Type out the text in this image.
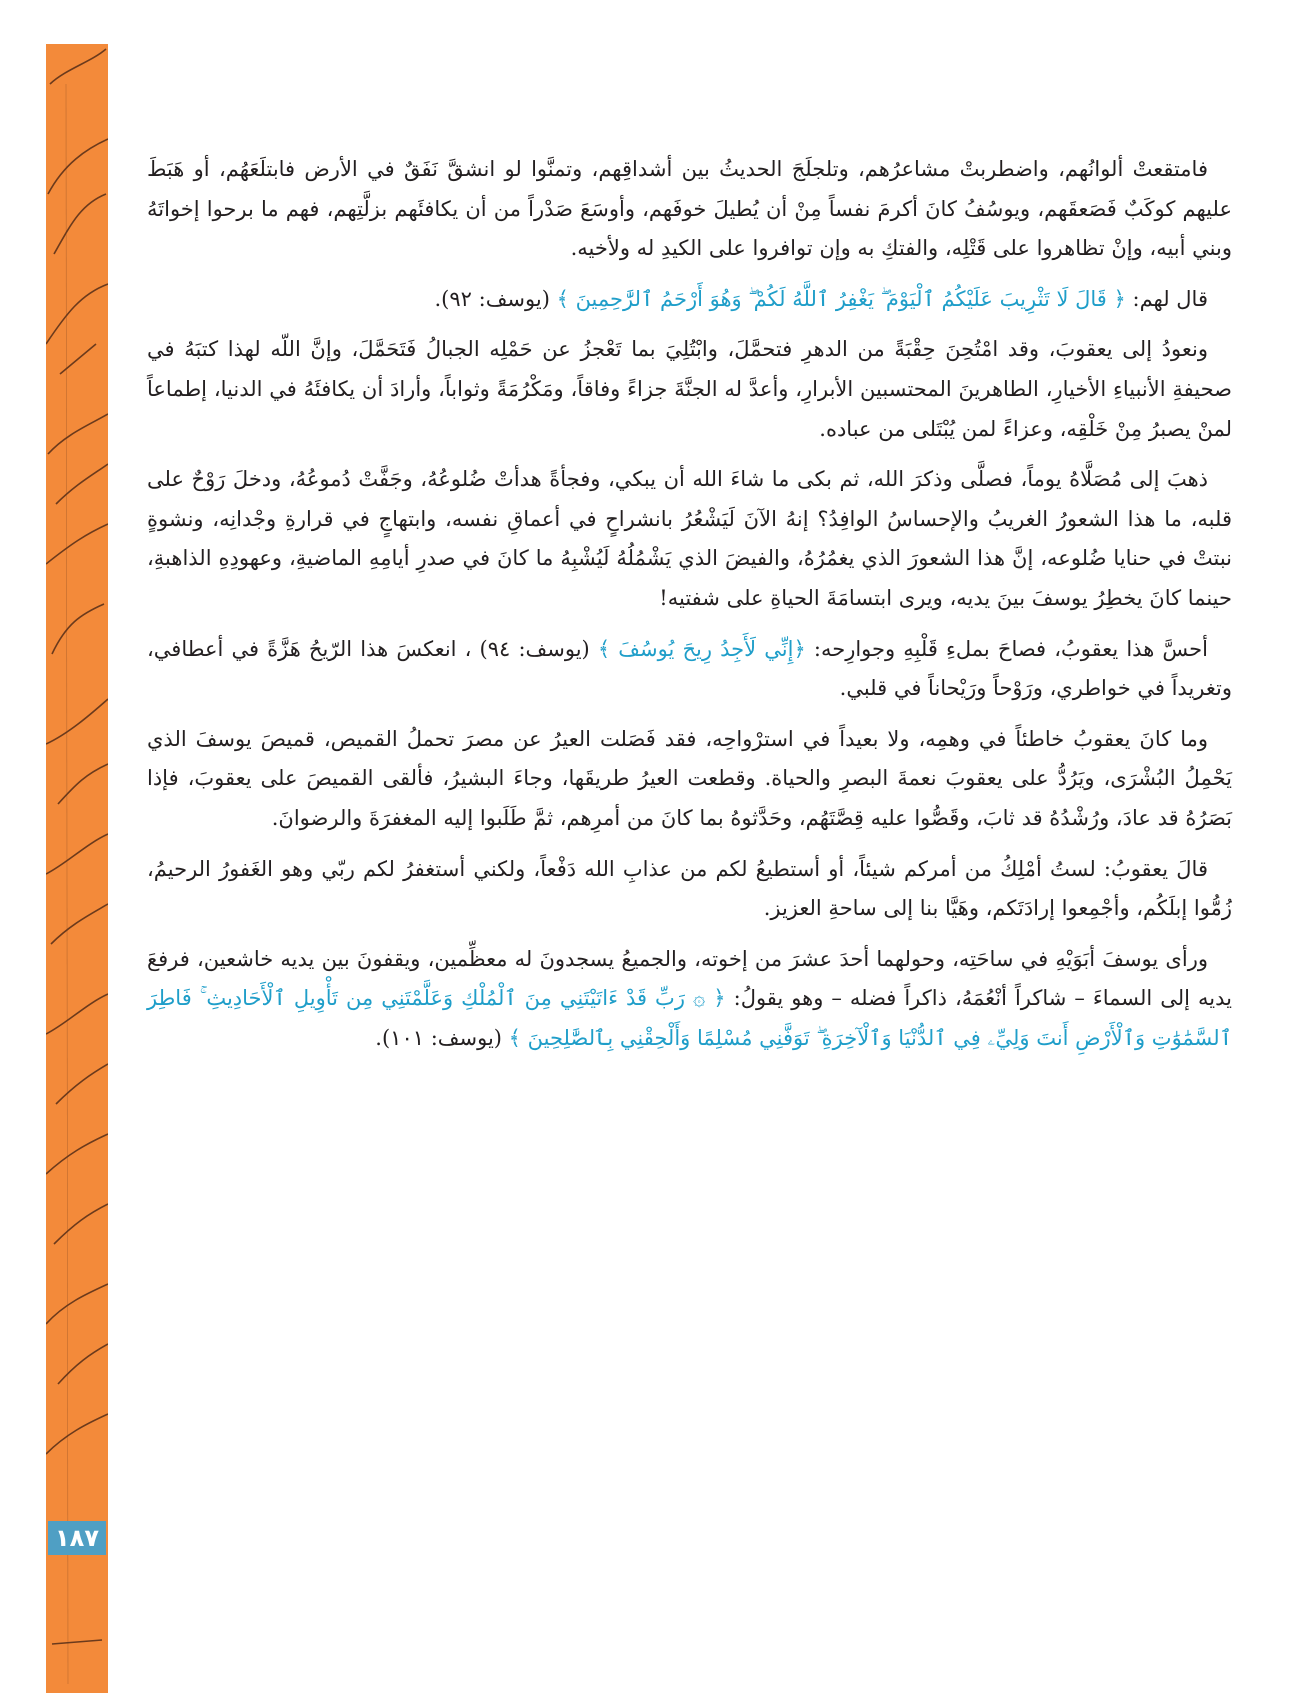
١٨٧

فامتقعتْ ألوانُهم، واضطربتْ مشاعرُهم، وتلجلَجَ الحديثُ بين أشداقِهم، وتمنَّوا لو انشقَّ نَفَقٌ في الأرض فابتلَعَهُم، أو هَبَطَ عليهم كوكَبٌ فَصَعقَهم، ويوسُفُ كانَ أكرمَ نفساً مِنْ أن يُطيلَ خوفَهم، وأوسَعَ صَدْراً من أن يكافئَهم بزلَّتِهم، فهم ما برحوا إخواتَهُ وبني أبيه، وإنْ تظاهروا على قَتْلِه، والفتكِ به وإن توافروا على الكيدِ له ولأخيه.

قال لهم: ﴿ قَالَ لَا تَثْرِيبَ عَلَيْكُمُ ٱلْيَوْمَ ۖ يَغْفِرُ ٱللَّهُ لَكُمْ ۖ وَهُوَ أَرْحَمُ ٱلرَّٰحِمِينَ ﴾ (يوسف: ٩٢).

ونعودُ إلى يعقوبَ، وقد امْتُحِنَ حِقْبَةً من الدهرِ فتحمَّلَ، وابْتُلِيَ بما تَعْجزُ عن حَمْلِه الجبالُ فَتَحَمَّلَ، وإنَّ اللّه لهذا كتبَهُ في صحيفةِ الأنبياءِ الأخيارِ، الطاهرينَ المحتسبين الأبرارِ، وأعدَّ له الجنَّةَ جزاءً وفاقاً، ومَكْرُمَةً وثواباً، وأرادَ أن يكافئَهُ في الدنيا، إطماعاً لمنْ يصبرُ مِنْ خَلْقِه، وعزاءً لمن يُبْتَلى من عباده.

ذهبَ إلى مُصَلَّاهُ يوماً، فصلَّى وذكرَ الله، ثم بكى ما شاءَ الله أن يبكي، وفجأةً هدأتْ ضُلوعُهُ، وجَفَّتْ دُموعُهُ، ودخلَ رَوْحٌ على قلبه، ما هذا الشعورُ الغريبُ والإحساسُ الوافِدُ؟ إنهُ الآنَ لَيَشْعُرُ بانشراحٍ في أعماقِ نفسه، وابتهاجٍ في قرارةِ وجْدانِه، ونشوةٍ نبتتْ في حنايا ضُلوعه، إنَّ هذا الشعورَ الذي يغمُرُهُ، والفيضَ الذي يَشْمُلُهُ لَيُشْبِهُ ما كانَ في صدرِ أيامِهِ الماضيةِ، وعهودِهِ الذاهبةِ، حينما كانَ يخطِرُ يوسفَ بينَ يديه، ويرى ابتسامَةَ الحياةِ على شفتيه!

أحسَّ هذا يعقوبُ، فصاحَ بملءِ قَلْبِهِ وجوارِحه: ﴿إِنِّي لَأَجِدُ رِيحَ يُوسُفَ ﴾ (يوسف: ٩٤) ، انعكسَ هذا الرّيحُ هَزَّةً في أعطافي، وتغريداً في خواطري، ورَوْحاً ورَيْحاناً في قلبي.

وما كانَ يعقوبُ خاطئاً في وهمِه، ولا بعيداً في استرْواحِه، فقد فَصَلت العيرُ عن مصرَ تحملُ القميص، قميصَ يوسفَ الذي يَحْمِلُ البُشْرَى، ويَرُدُّ على يعقوبَ نعمةَ البصرِ والحياة. وقطعت العيرُ طريقَها، وجاءَ البشيرُ، فألقى القميصَ على يعقوبَ، فإذا بَصَرُهُ قد عادَ، ورُشْدُهُ قد ثابَ، وقَصُّوا عليه قِصَّتَهُم، وحَدَّثوهُ بما كانَ من أمرِهم، ثمَّ طَلَبوا إليه المغفرَةَ والرضوانَ.

قالَ يعقوبُ: لستُ أمْلِكُ من أمركم شيئاً، أو أستطيعُ لكم من عذابِ الله دَفْعاً، ولكني أستغفرُ لكم ربّي وهو الغَفورُ الرحيمُ، زُمُّوا إبلَكُم، وأجْمِعوا إرادَتَكم، وهَيَّا بنا إلى ساحةِ العزيز.

ورأى يوسفَ أبَوَيْهِ في ساحَتِه، وحولهما أحدَ عشرَ من إخوته، والجميعُ يسجدونَ له معظِّمين، ويقفونَ بين يديه خاشعين، فرفعَ يديه إلى السماءَ – شاكراً أنْعُمَهُ، ذاكراً فضله – وهو يقولُ: ﴿ ۞ رَبِّ قَدْ ءَاتَيْتَنِي مِنَ ٱلْمُلْكِ وَعَلَّمْتَنِي مِن تَأْوِيلِ ٱلْأَحَادِيثِ ۚ فَاطِرَ ٱلسَّمَٰوَٰتِ وَٱلْأَرْضِ أَنتَ وَلِيِّۦ فِي ٱلدُّنْيَا وَٱلْآخِرَةِ ۖ تَوَفَّنِي مُسْلِمًا وَأَلْحِقْنِي بِٱلصَّٰلِحِينَ ﴾ (يوسف: ١٠١).
